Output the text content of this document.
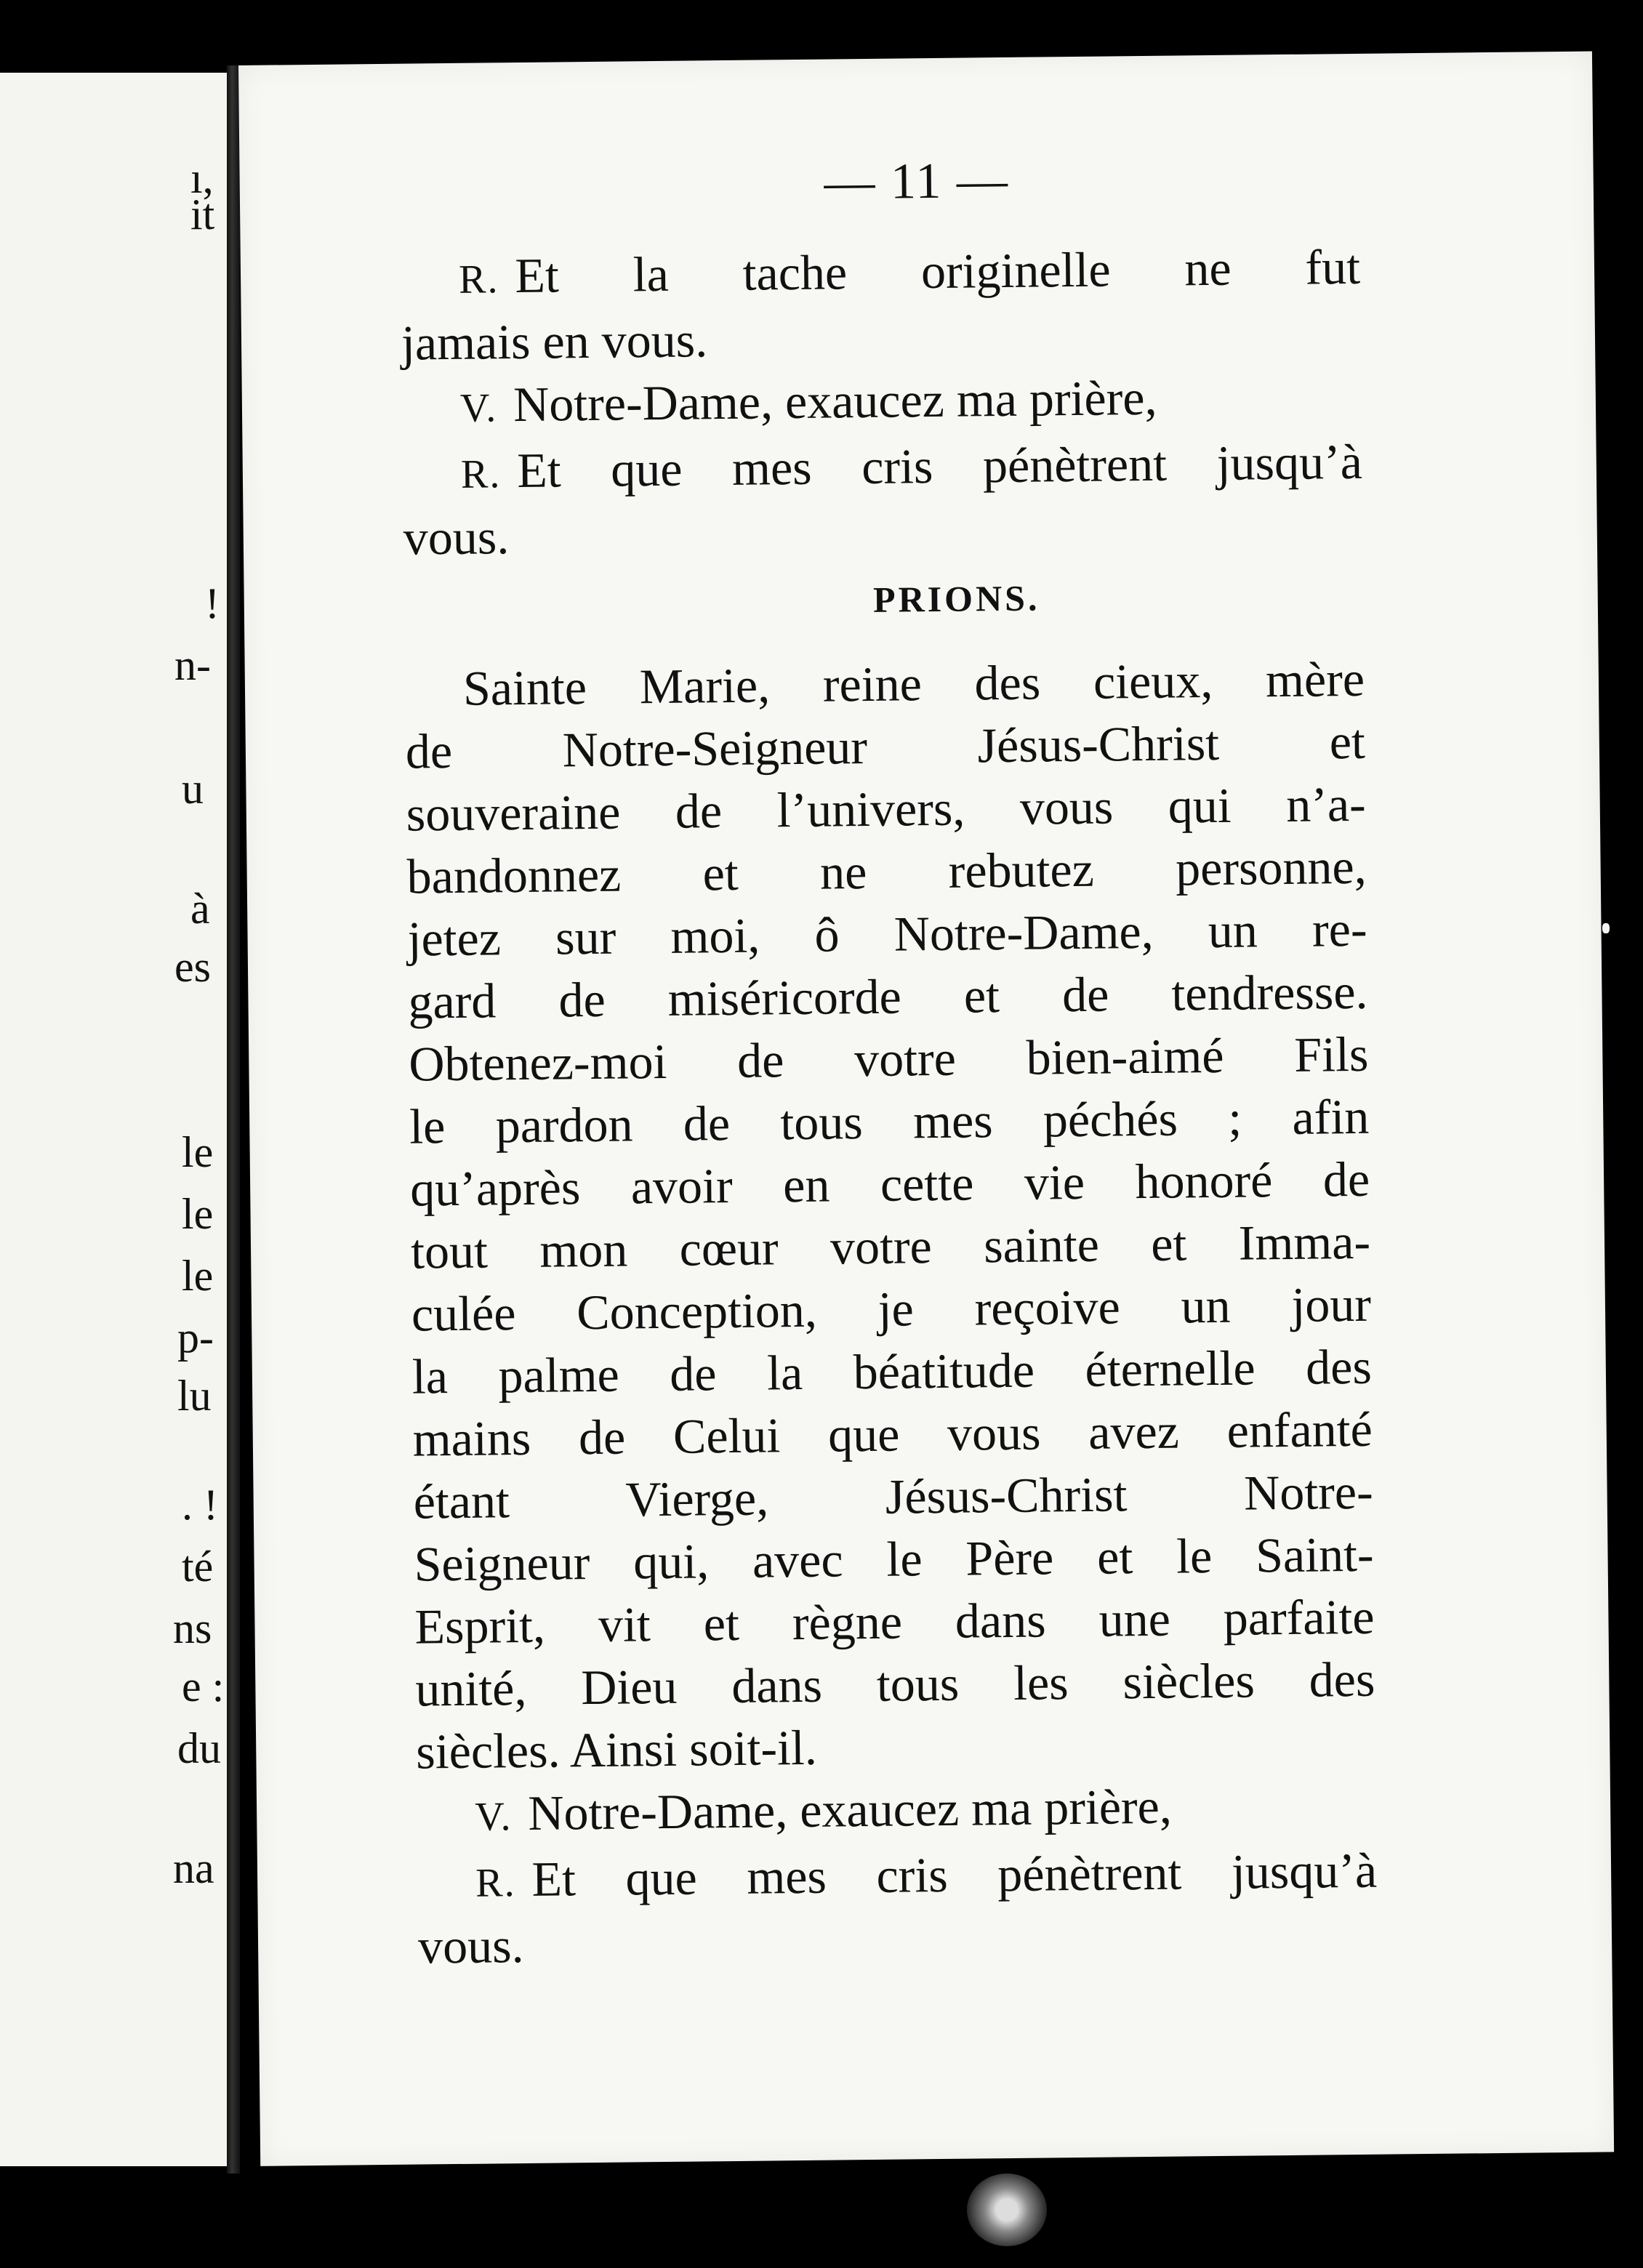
ı,
it
!
n-
u
à
es
le
le
le
p-
lu
. !
té
ns
e :
du
na
— 11 —
R. Et la tache originelle ne fut
jamais en vous.
V. Notre-Dame, exaucez ma prière,
R. Et que mes cris pénètrent jusqu’à
vous.
PRIONS.
Sainte Marie, reine des cieux, mère
de Notre-Seigneur Jésus-Christ et
souveraine de l’univers, vous qui n’a-
bandonnez et ne rebutez personne,
jetez sur moi, ô Notre-Dame, un re-
gard de miséricorde et de tendresse.
Obtenez-moi de votre bien-aimé Fils
le pardon de tous mes péchés ; afin
qu’après avoir en cette vie honoré de
tout mon cœur votre sainte et Imma-
culée Conception, je reçoive un jour
la palme de la béatitude éternelle des
mains de Celui que vous avez enfanté
étant Vierge, Jésus-Christ Notre-
Seigneur qui, avec le Père et le Saint-
Esprit, vit et règne dans une parfaite
unité, Dieu dans tous les siècles des
siècles. Ainsi soit-il.
V. Notre-Dame, exaucez ma prière,
R. Et que mes cris pénètrent jusqu’à
vous.
